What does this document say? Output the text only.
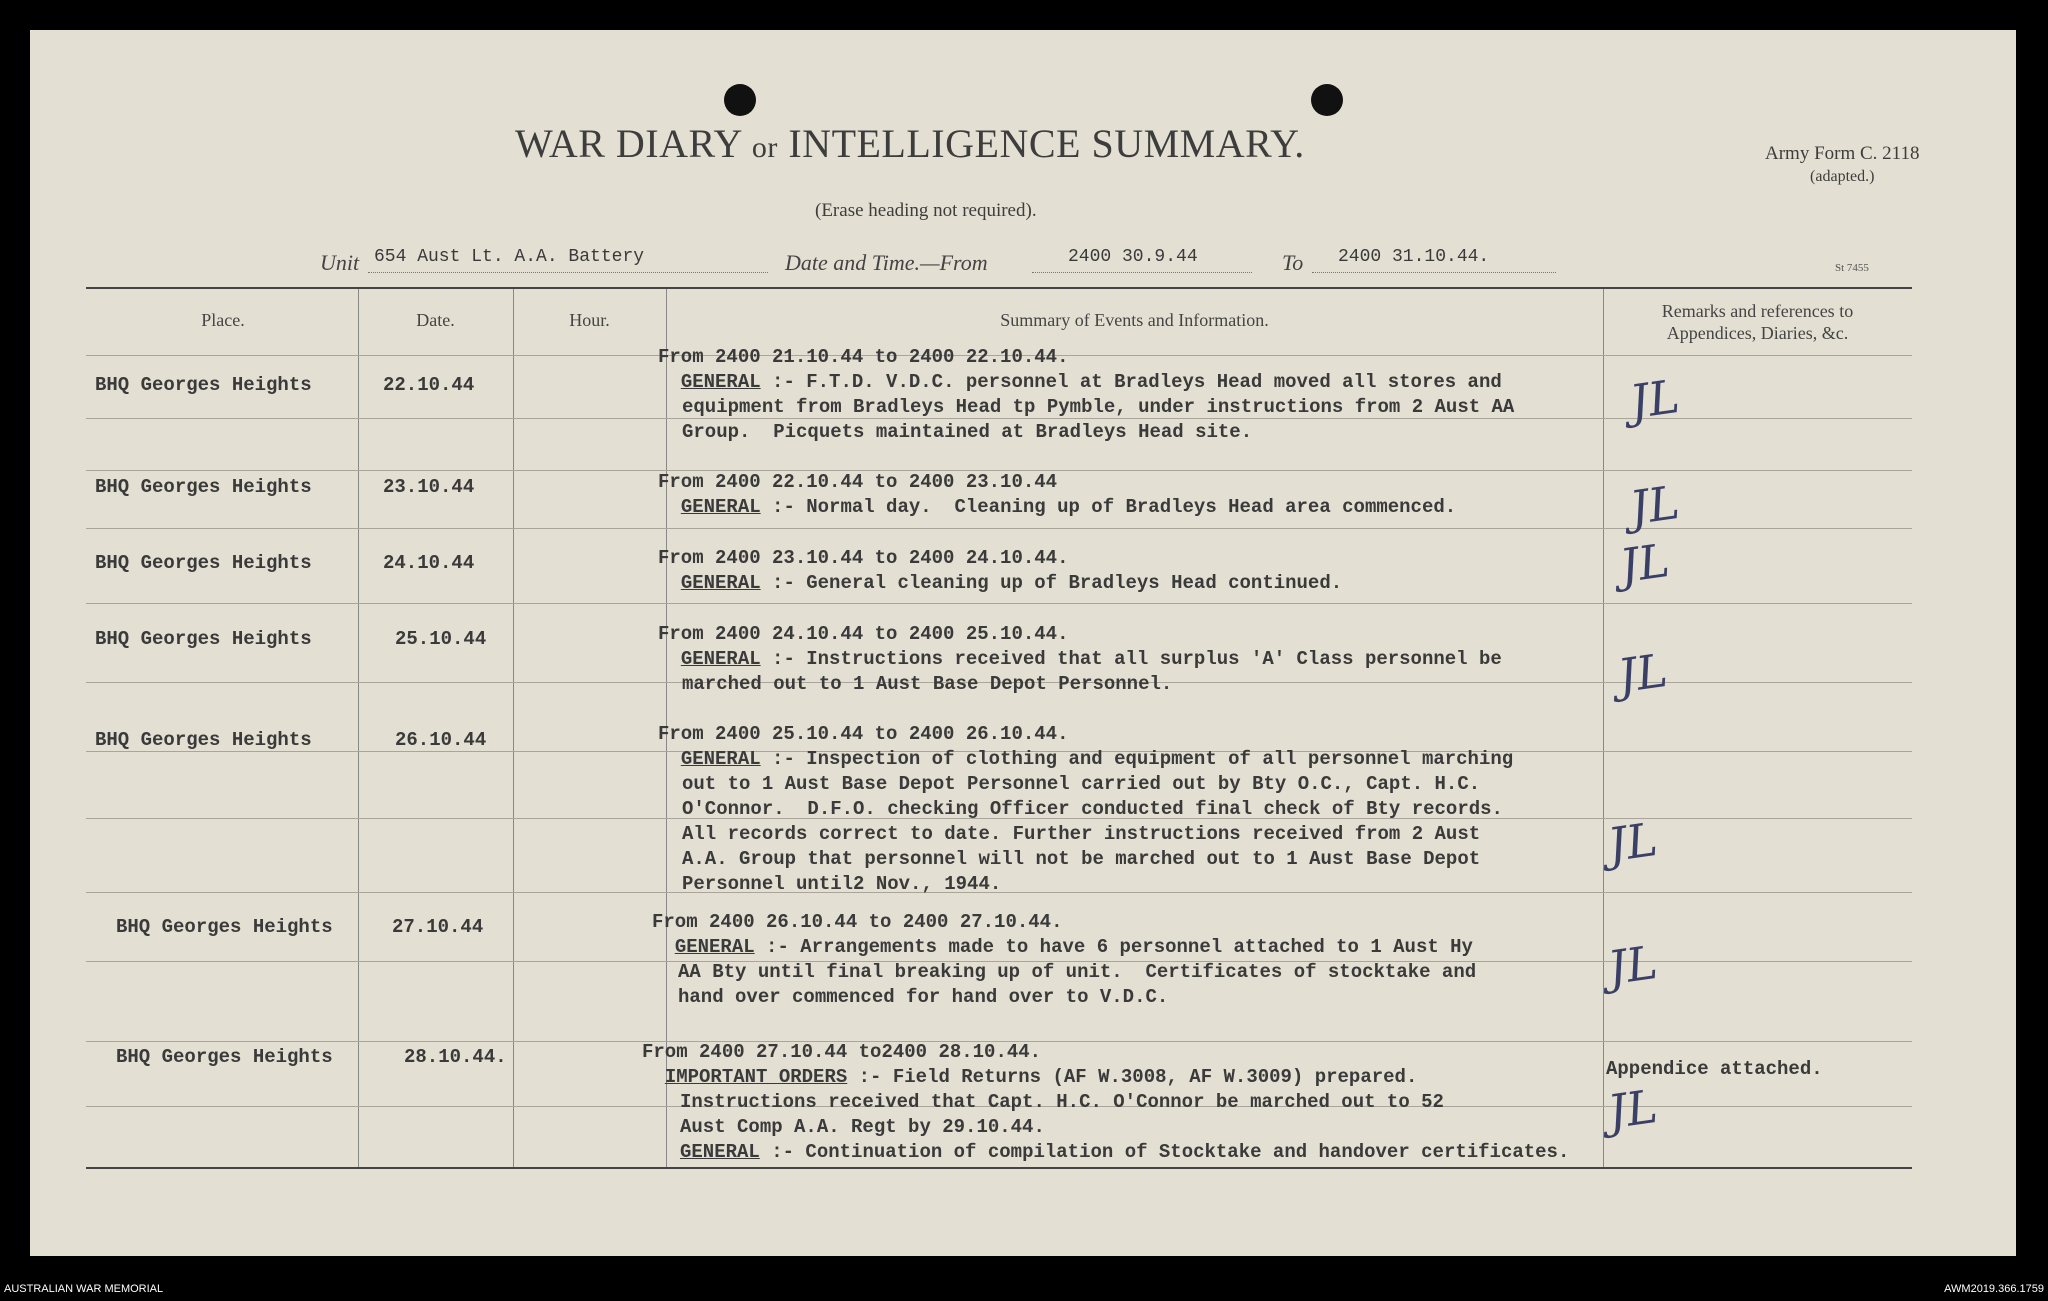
WAR DIARY or INTELLIGENCE SUMMARY.
(Erase heading not required).
Army Form C. 2118
(adapted.)
St 7455
Unit 654 Aust Lt. A.A. Battery	Date and Time.—From	2400 30.9.44	To 2400 31.10.44.
Place.	Date.	Hour.	Summary of Events and Information.	Remarks and references to
Appendices, Diaries, &c.
BHQ Georges Heights	22.10.44
From 2400 21.10.44 to 2400 22.10.44.
GENERAL :- F.T.D. V.D.C. personnel at Bradleys Head moved all stores and
equipment from Bradleys Head tp Pymble, under instructions from 2 Aust AA
Group.  Picquets maintained at Bradleys Head site.
JL
BHQ Georges Heights	23.10.44	From 2400 22.10.44 to 2400 23.10.44
GENERAL :- Normal day.  Cleaning up of Bradleys Head area commenced.	JL
BHQ Georges Heights	24.10.44	From 2400 23.10.44 to 2400 24.10.44.
GENERAL :- General cleaning up of Bradleys Head continued.	JL
BHQ Georges Heights	25.10.44	From 2400 24.10.44 to 2400 25.10.44.
GENERAL :- Instructions received that all surplus 'A' Class personnel be
marched out to 1 Aust Base Depot Personnel.	JL
BHQ Georges Heights	26.10.44	From 2400 25.10.44 to 2400 26.10.44.
GENERAL :- Inspection of clothing and equipment of all personnel marching
out to 1 Aust Base Depot Personnel carried out by Bty O.C., Capt. H.C.
O'Connor.  D.F.O. checking Officer conducted final check of Bty records.
All records correct to date. Further instructions received from 2 Aust
A.A. Group that personnel will not be marched out to 1 Aust Base Depot
Personnel until2 Nov., 1944.
JL
BHQ Georges Heights	27.10.44	From 2400 26.10.44 to 2400 27.10.44.
GENERAL :- Arrangements made to have 6 personnel attached to 1 Aust Hy
AA Bty until final breaking up of unit.  Certificates of stocktake and
hand over commenced for hand over to V.D.C.
JL
BHQ Georges Heights	28.10.44.	From 2400 27.10.44 to2400 28.10.44.
IMPORTANT ORDERS :- Field Returns (AF W.3008, AF W.3009) prepared.
Instructions received that Capt. H.C. O'Connor be marched out to 52
Aust Comp A.A. Regt by 29.10.44.
GENERAL :- Continuation of compilation of Stocktake and handover certificates.
Appendice attached.
JL
AUSTRALIAN WAR MEMORIAL	AWM2019.366.1759
